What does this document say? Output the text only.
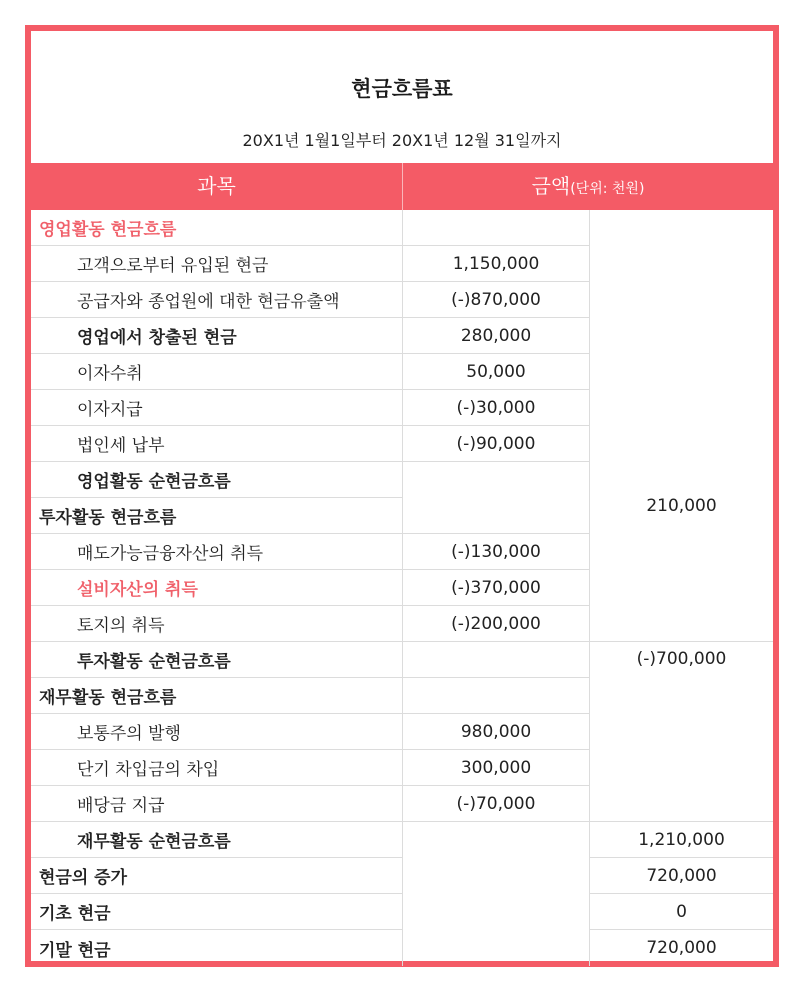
현금흐름표
20X1년 1월1일부터 20X1년 12월 31일까지
과목	금액(단위: 천원)
영업활동 현금흐름
고객으로부터 유입된 현금
공급자와 종업원에 대한 현금유출액
영업에서 창출된 현금
이자수취
이자지급
법인세 납부
영업활동 순현금흐름
투자활동 현금흐름
매도가능금융자산의 취득
설비자산의 취득
토지의 취득
투자활동 순현금흐름
재무활동 현금흐름
보통주의 발행
단기 차입금의 차입
배당금 지급
재무활동 순현금흐름
현금의 증가
기초 현금
기말 현금
1,150,000
(-)870,000
280,000
50,000
(-)30,000
(-)90,000
(-)130,000
(-)370,000
(-)200,000
980,000
300,000
(-)70,000
210,000
(-)700,000
1,210,000
720,000
0
720,000
